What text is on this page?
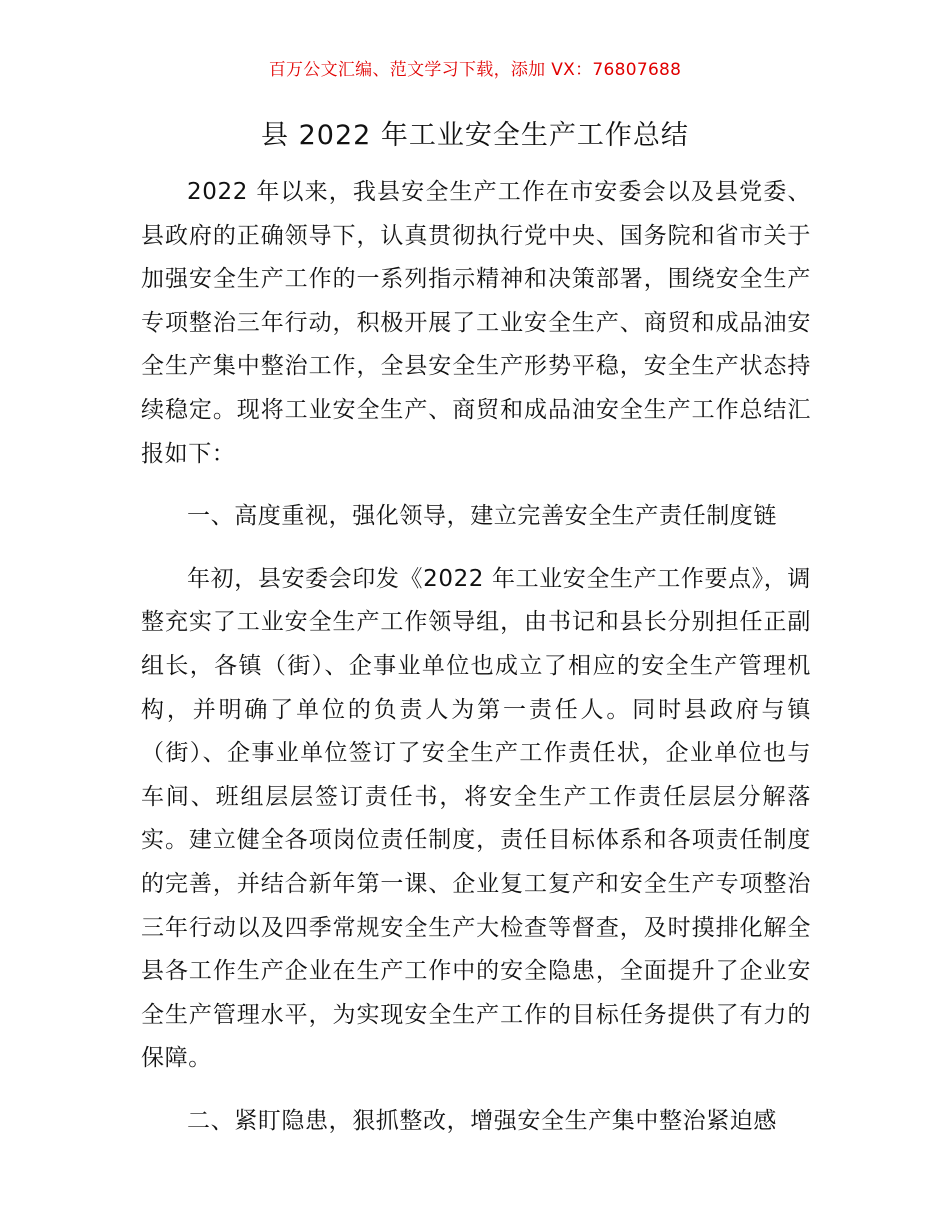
百万公文汇编、范文学习下载，添加 VX：76807688
县 2022 年工业安全生产工作总结

2022 年以来，我县安全生产工作在市安委会以及县党委、县政府的正确领导下，认真贯彻执行党中央、国务院和省市关于加强安全生产工作的一系列指示精神和决策部署，围绕安全生产专项整治三年行动，积极开展了工业安全生产、商贸和成品油安全生产集中整治工作，全县安全生产形势平稳，安全生产状态持续稳定。现将工业安全生产、商贸和成品油安全生产工作总结汇报如下：

一、高度重视，强化领导，建立完善安全生产责任制度链

年初，县安委会印发《2022 年工业安全生产工作要点》，调整充实了工业安全生产工作领导组，由书记和县长分别担任正副组长，各镇（街）、企事业单位也成立了相应的安全生产管理机构，并明确了单位的负责人为第一责任人。同时县政府与镇（街）、企事业单位签订了安全生产工作责任状，企业单位也与车间、班组层层签订责任书，将安全生产工作责任层层分解落实。建立健全各项岗位责任制度，责任目标体系和各项责任制度的完善，并结合新年第一课、企业复工复产和安全生产专项整治三年行动以及四季常规安全生产大检查等督查，及时摸排化解全县各工作生产企业在生产工作中的安全隐患，全面提升了企业安全生产管理水平，为实现安全生产工作的目标任务提供了有力的保障。

二、紧盯隐患，狠抓整改，增强安全生产集中整治紧迫感
